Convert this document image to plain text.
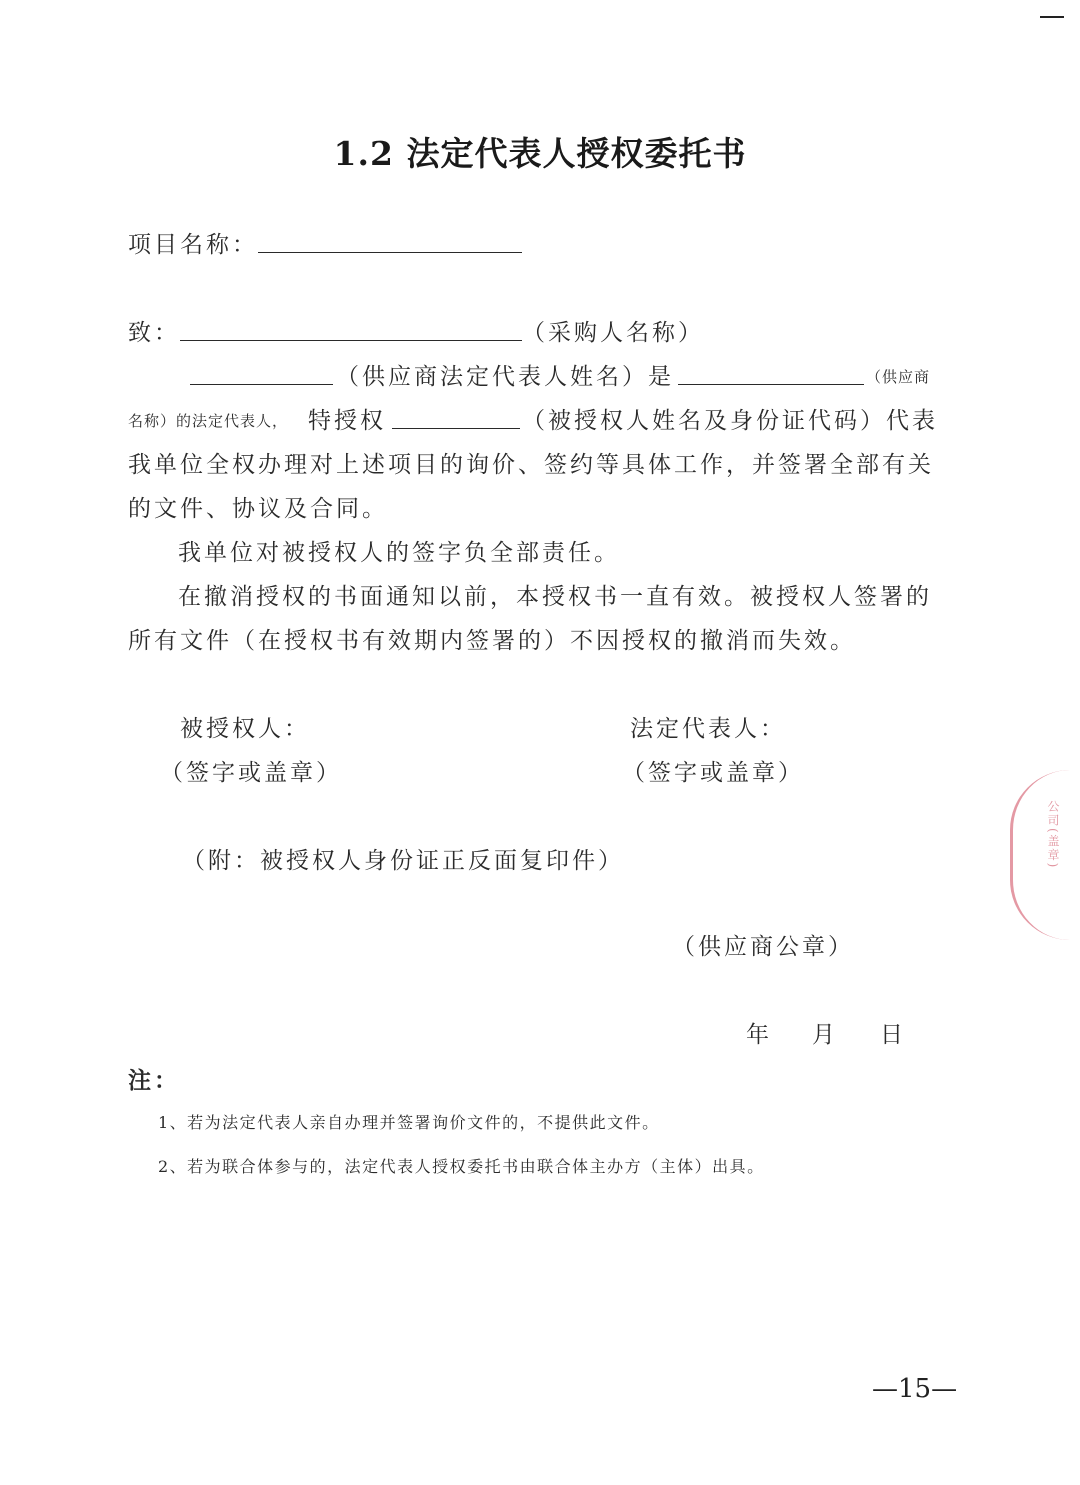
1.2 法定代表人授权委托书
项目名称：
致：	（采购人名称）
（供应商法定代表人姓名）是	（供应商
名称）的法定代表人， 特授权	（被授权人姓名及身份证代码）代表
我单位全权办理对上述项目的询价、签约等具体工作，并签署全部有关
的文件、协议及合同。
我单位对被授权人的签字负全部责任。
在撤消授权的书面通知以前，本授权书一直有效。被授权人签署的
所有文件（在授权书有效期内签署的）不因授权的撤消而失效。
被授权人：
（签字或盖章）
法定代表人：
（签字或盖章）
（附：被授权人身份证正反面复印件）
（供应商公章）
年 月 日
注：
1、若为法定代表人亲自办理并签署询价文件的，不提供此文件。
2、若为联合体参与的，法定代表人授权委托书由联合体主办方（主体）出具。
公司(盖章)
—15—
